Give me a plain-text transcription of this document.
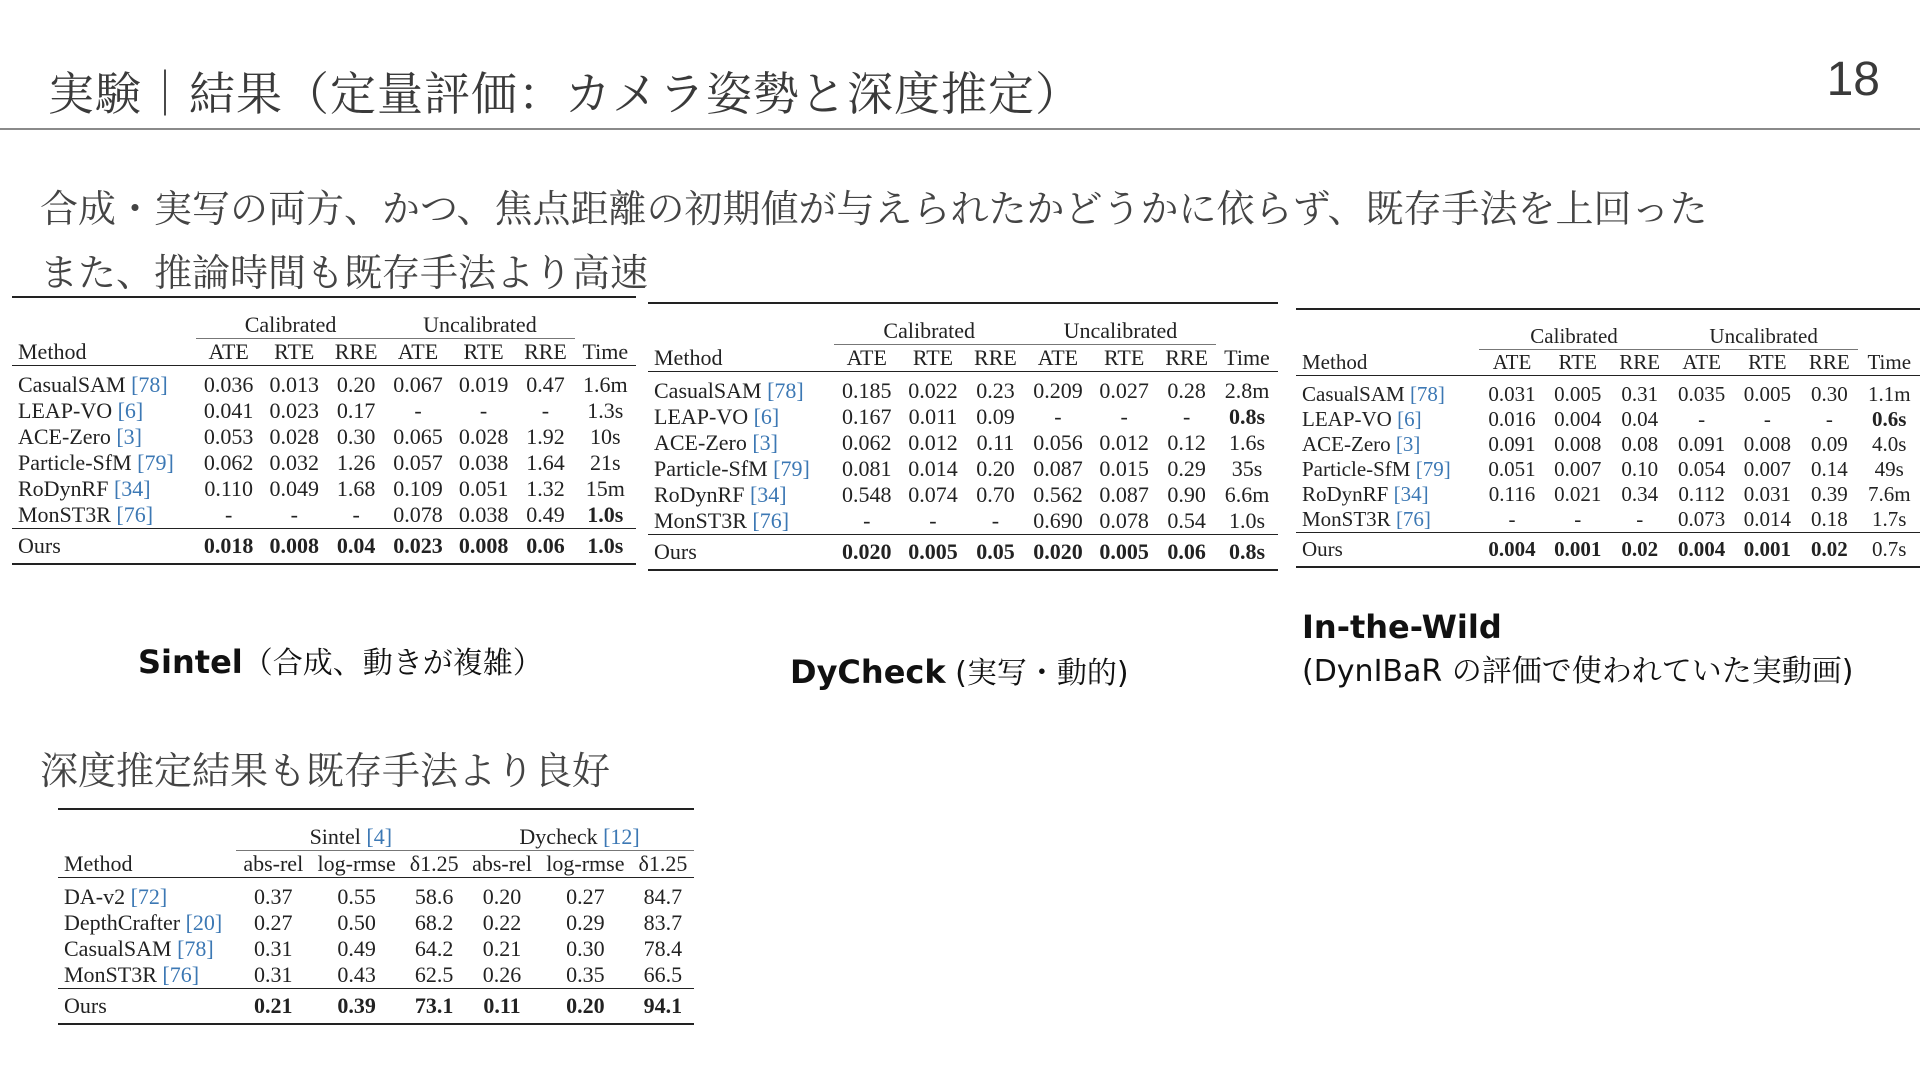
実験｜結果（定量評価：カメラ姿勢と深度推定）	18
合成・実写の両方、かつ、焦点距離の初期値が与えられたかどうかに依らず、既存手法を上回った
また、推論時間も既存手法より高速

	Calibrated			Uncalibrated			
Method	ATE	RTE	RRE	ATE	RTE	RRE	Time

CasualSAM [78]	0.036	0.013	0.20	0.067	0.019	0.47	1.6m
LEAP-VO [6]	0.041	0.023	0.17	-	-	-	1.3s
ACE-Zero [3]	0.053	0.028	0.30	0.065	0.028	1.92	10s
Particle-SfM [79]	0.062	0.032	1.26	0.057	0.038	1.64	21s
RoDynRF [34]	0.110	0.049	1.68	0.109	0.051	1.32	15m
MonST3R [76]	-	-	-	0.078	0.038	0.49	1.0s

Ours	0.018	0.008	0.04	0.023	0.008	0.06	1.0s

	Calibrated			Uncalibrated			
Method	ATE	RTE	RRE	ATE	RTE	RRE	Time

CasualSAM [78]	0.185	0.022	0.23	0.209	0.027	0.28	2.8m
LEAP-VO [6]	0.167	0.011	0.09	-	-	-	0.8s
ACE-Zero [3]	0.062	0.012	0.11	0.056	0.012	0.12	1.6s
Particle-SfM [79]	0.081	0.014	0.20	0.087	0.015	0.29	35s
RoDynRF [34]	0.548	0.074	0.70	0.562	0.087	0.90	6.6m
MonST3R [76]	-	-	-	0.690	0.078	0.54	1.0s

Ours	0.020	0.005	0.05	0.020	0.005	0.06	0.8s

	Calibrated			Uncalibrated			
Method	ATE	RTE	RRE	ATE	RTE	RRE	Time

CasualSAM [78]	0.031	0.005	0.31	0.035	0.005	0.30	1.1m
LEAP-VO [6]	0.016	0.004	0.04	-	-	-	0.6s
ACE-Zero [3]	0.091	0.008	0.08	0.091	0.008	0.09	4.0s
Particle-SfM [79]	0.051	0.007	0.10	0.054	0.007	0.14	49s
RoDynRF [34]	0.116	0.021	0.34	0.112	0.031	0.39	7.6m
MonST3R [76]	-	-	-	0.073	0.014	0.18	1.7s

Ours	0.004	0.001	0.02	0.004	0.001	0.02	0.7s

Sintel（合成、動きが複雑）	DyCheck (実写・動的)
In-the-Wild
(DynIBaR の評価で使われていた実動画)
深度推定結果も既存手法より良好

	Sintel [4]			Dycheck [12]		
Method	abs-rel	log-rmse	δ1.25	abs-rel	log-rmse	δ1.25

DA-v2 [72]	0.37	0.55	58.6	0.20	0.27	84.7
DepthCrafter [20]	0.27	0.50	68.2	0.22	0.29	83.7
CasualSAM [78]	0.31	0.49	64.2	0.21	0.30	78.4
MonST3R [76]	0.31	0.43	62.5	0.26	0.35	66.5

Ours	0.21	0.39	73.1	0.11	0.20	94.1
